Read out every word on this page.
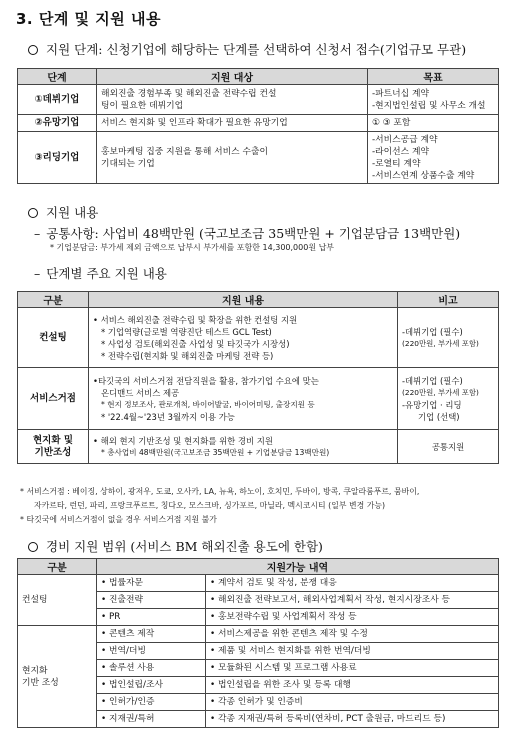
3. 단계 및 지원 내용
지원 단계: 신청기업에 해당하는 단계를 선택하여 신청서 접수(기업규모 무관)
단계	지원 대상	목표
①데뷔기업	해외진출 경험부족 및 해외진출 전략수립 컨설
팅이 필요한 데뷔기업	-파트너십 계약
-현지법인설립 및 사무소 개설

②유망기업	서비스 현지화 및 인프라 확대가 필요한 유망기업	① ③ 포함

③리딩기업	홍보마케팅 집중 지원을 통해 서비스 수출이
기대되는 기업	-서비스공급 계약
-라이선스 계약
-로열티 계약
-서비스연계 상품수출 계약
지원 내용
– 공통사항: 사업비 48백만원 (국고보조금 35백만원 + 기업분담금 13백만원)
* 기업분담금: 부가세 제외 금액으로 납부시 부가세를 포함한 14,300,000원 납부
– 단계별 주요 지원 내용
구분	지원 내용	비고
컨설팅	• 서비스 해외진출 전략수립 및 확장을 위한 컨설팅 지원
* 기업역량(글로벌 역량진단 테스트 GCL Test)
* 사업성 검토(해외진출 사업성 및 타깃국가 시장성)
* 전략수립(현지화 및 해외진출 마케팅 전략 등)	-데뷔기업 (필수)
(220만원, 부가세 포함)

서비스거점	•타깃국의 서비스거점 전담직원을 활용, 참가기업 수요에 맞는
온디맨드 서비스 제공
* 현지 정보조사, 판로개척, 바이어발굴, 바이어미팅, 출장지원 등
* '22.4월~'23년 3월까지 이용 가능	-데뷔기업 (필수)
(220만원, 부가세 포함)
-유망기업 · 리딩
기업 (선택)

현지화 및
기반조성	• 해외 현지 기반조성 및 현지화를 위한 경비 지원
* 총사업비 48백만원(국고보조금 35백만원 + 기업분담금 13백만원)	공통지원
* 서비스거점 : 베이징, 상하이, 광저우, 도쿄, 오사카, LA, 뉴욕, 하노이, 호치민, 두바이, 방콕, 쿠알라룸푸르, 뭄바이,
자카르타, 런던, 파리, 프랑크푸르트, 칭다오, 모스크바, 싱가포르, 마닐라, 멕시코시티 (일부 변경 가능)
* 타깃국에 서비스거점이 없을 경우 서비스거점 지원 불가
경비 지원 범위 (서비스 BM 해외진출 용도에 한함)
구분	지원가능 내역	
컨설팅	• 법률자문	• 계약서 검토 및 작성, 분쟁 대응
	• 진출전략	• 해외진출 전략보고서, 해외사업계획서 작성, 현지시장조사 등
	• PR	• 홍보전략수립 및 사업계획서 작성 등

현지화
기반 조성	• 콘텐츠 제작	• 서비스제공을 위한 콘텐츠 제작 및 수정
	• 번역/더빙	• 제품 및 서비스 현지화를 위한 번역/더빙
	• 솔루션 사용	• 모듈화된 시스템 및 프로그램 사용료
	• 법인설립/조사	• 법인설립을 위한 조사 및 등록 대행
	• 인허가/인증	• 각종 인허가 및 인증비
	• 지재권/특허	• 각종 지재권/특허 등록비(연차비, PCT 출원금, 마드리드 등)
